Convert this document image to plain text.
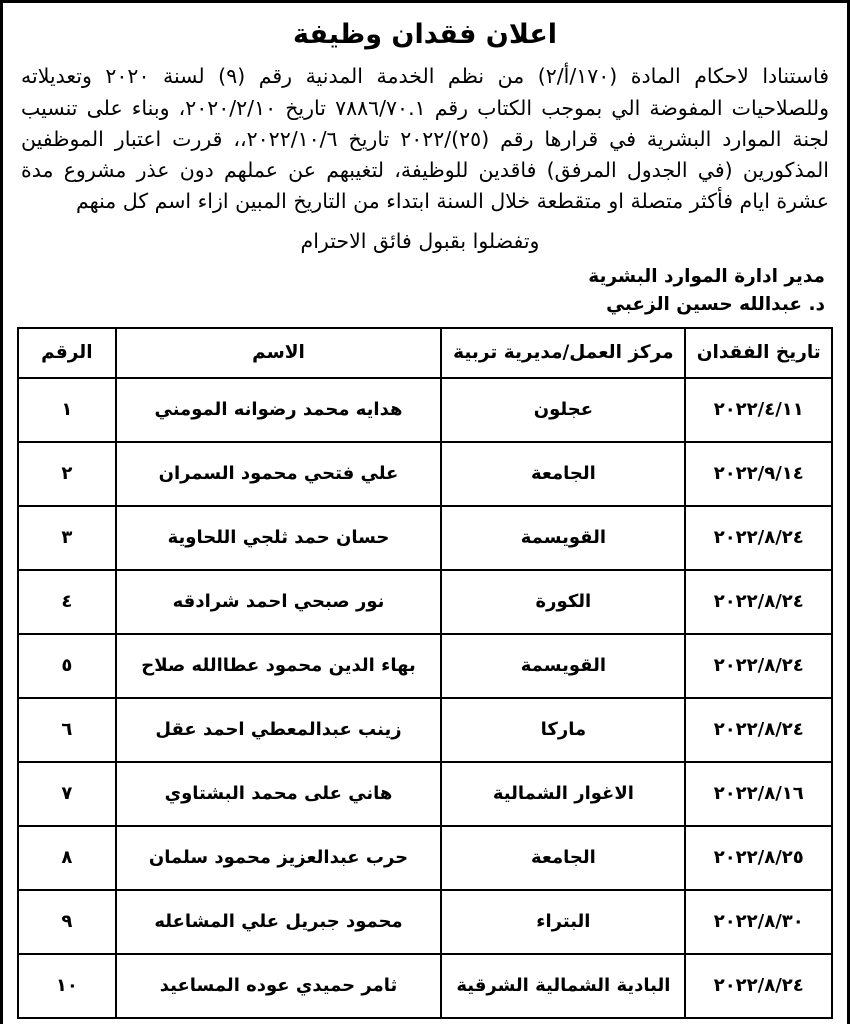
اعلان فقدان وظيفة

فاستنادا لاحكام المادة (١٧٠/أ/٢) من نظم الخدمة المدنية رقم (٩) لسنة ٢٠٢٠ وتعديلاته وللصلاحيات المفوضة الي بموجب الكتاب رقم ٧٨٨٦/٧٠.١ تاريخ ٢٠٢٠/٢/١٠، وبناء على تنسيب لجنة الموارد البشرية في قرارها رقم (٢٥)/٢٠٢٢ تاريخ ٢٠٢٢/١٠/٦،، قررت اعتبار الموظفين المذكورين (في الجدول المرفق) فاقدين للوظيفة، لتغيبهم عن عملهم دون عذر مشروع مدة عشرة ايام فأكثر متصلة او متقطعة خلال السنة ابتداء من التاريخ المبين ازاء اسم كل منهم

وتفضلوا بقبول فائق الاحترام
مدير ادارة الموارد البشرية
د. عبدالله حسين الزعبي
تاريخ الفقدان	مركز العمل/مديرية تربية	الاسم	الرقم
٢٠٢٢/٤/١١	عجلون	هدايه محمد رضوانه المومني	١
٢٠٢٢/٩/١٤	الجامعة	علي فتحي محمود السمران	٢
٢٠٢٢/٨/٢٤	القويسمة	حسان حمد ثلجي اللحاوية	٣
٢٠٢٢/٨/٢٤	الكورة	نور صبحي احمد شرادقه	٤
٢٠٢٢/٨/٢٤	القويسمة	بهاء الدين محمود عطاالله صلاح	٥
٢٠٢٢/٨/٢٤	ماركا	زينب عبدالمعطي احمد عقل	٦
٢٠٢٢/٨/١٦	الاغوار الشمالية	هاني على محمد البشتاوي	٧
٢٠٢٢/٨/٢٥	الجامعة	حرب عبدالعزيز محمود سلمان	٨
٢٠٢٢/٨/٣٠	البتراء	محمود جبريل علي المشاعله	٩
٢٠٢٢/٨/٢٤	البادية الشمالية الشرقية	ثامر حميدي عوده المساعيد	١٠
